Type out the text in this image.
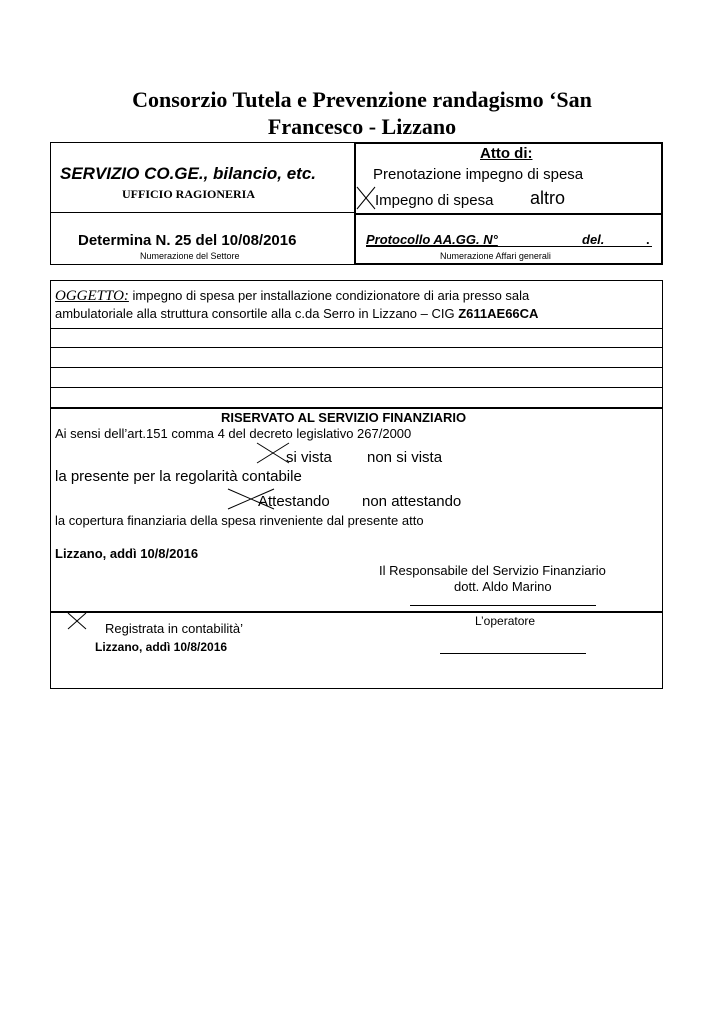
Consorzio Tutela e Prevenzione randagismo ‘San
Francesco - Lizzano
SERVIZIO CO.GE., bilancio, etc.
UFFICIO RAGIONERIA
Determina N. 25 del 10/08/2016
Numerazione del Settore
Atto di:
Prenotazione impegno di spesa
Impegno di spesa altro
Protocollo AA.GG. N°	del.	.
Numerazione Affari generali
OGGETTO: impegno di spesa per installazione condizionatore di aria presso sala
ambulatoriale alla struttura consortile alla c.da Serro in Lizzano – CIG Z611AE66CA
RISERVATO AL SERVIZIO FINANZIARIO
Ai sensi dell’art.151 comma 4 del decreto legislativo 267/2000
si vista non si vista
la presente per la regolarità contabile
Attestando non attestando
la copertura finanziaria della spesa rinveniente dal presente atto
Lizzano, addì 10/8/2016
Il Responsabile del Servizio Finanziario
dott. Aldo Marino
Registrata in contabilità’
Lizzano, addì 10/8/2016
L’operatore
